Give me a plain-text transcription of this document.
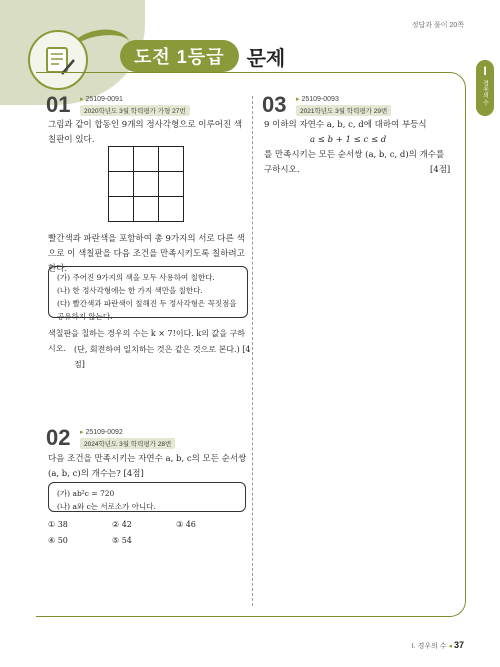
정답과 풀이 20쪽
도전 1등급	문제
I
경우의 수
01 ▸ 25109-0091
2020학년도 3월 학력평가 가형 27번
그림과 같이 합동인 9개의 정사각형으로 이루어진 색칠판이 있다.

빨간색과 파란색을 포함하여 총 9가지의 서로 다른 색으로 이 색칠판을 다음 조건을 만족시키도록 칠하려고 한다.
(가) 주어진 9가지의 색을 모두 사용하여 칠한다.
(나) 한 정사각형에는 한 가지 색만을 칠한다.
(다) 빨간색과 파란색이 칠해진 두 정사각형은 꼭짓점을 공유하지 않는다.
색칠판을 칠하는 경우의 수는 k × 7!이다. k의 값을 구하시오.	(단, 회전하여 일치하는 것은 같은 것으로 본다.) [4점]
02 ▸ 25109-0092
2024학년도 3월 학력평가 28번
다음 조건을 만족시키는 자연수 a, b, c의 모든 순서쌍 (a, b, c)의 개수는? [4점]
(가) ab²c = 720
(나) a와 c는 서로소가 아니다.
① 38	② 42	③ 46
④ 50	⑤ 54
03 ▸ 25109-0093
2021학년도 3월 학력평가 29번
9 이하의 자연수 a, b, c, d에 대하여 부등식
a ≤ b + 1 ≤ c ≤ d
를 만족시키는 모든 순서쌍 (a, b, c, d)의 개수를 구하시오.	[4점]
I. 경우의 수 ◂ 37
